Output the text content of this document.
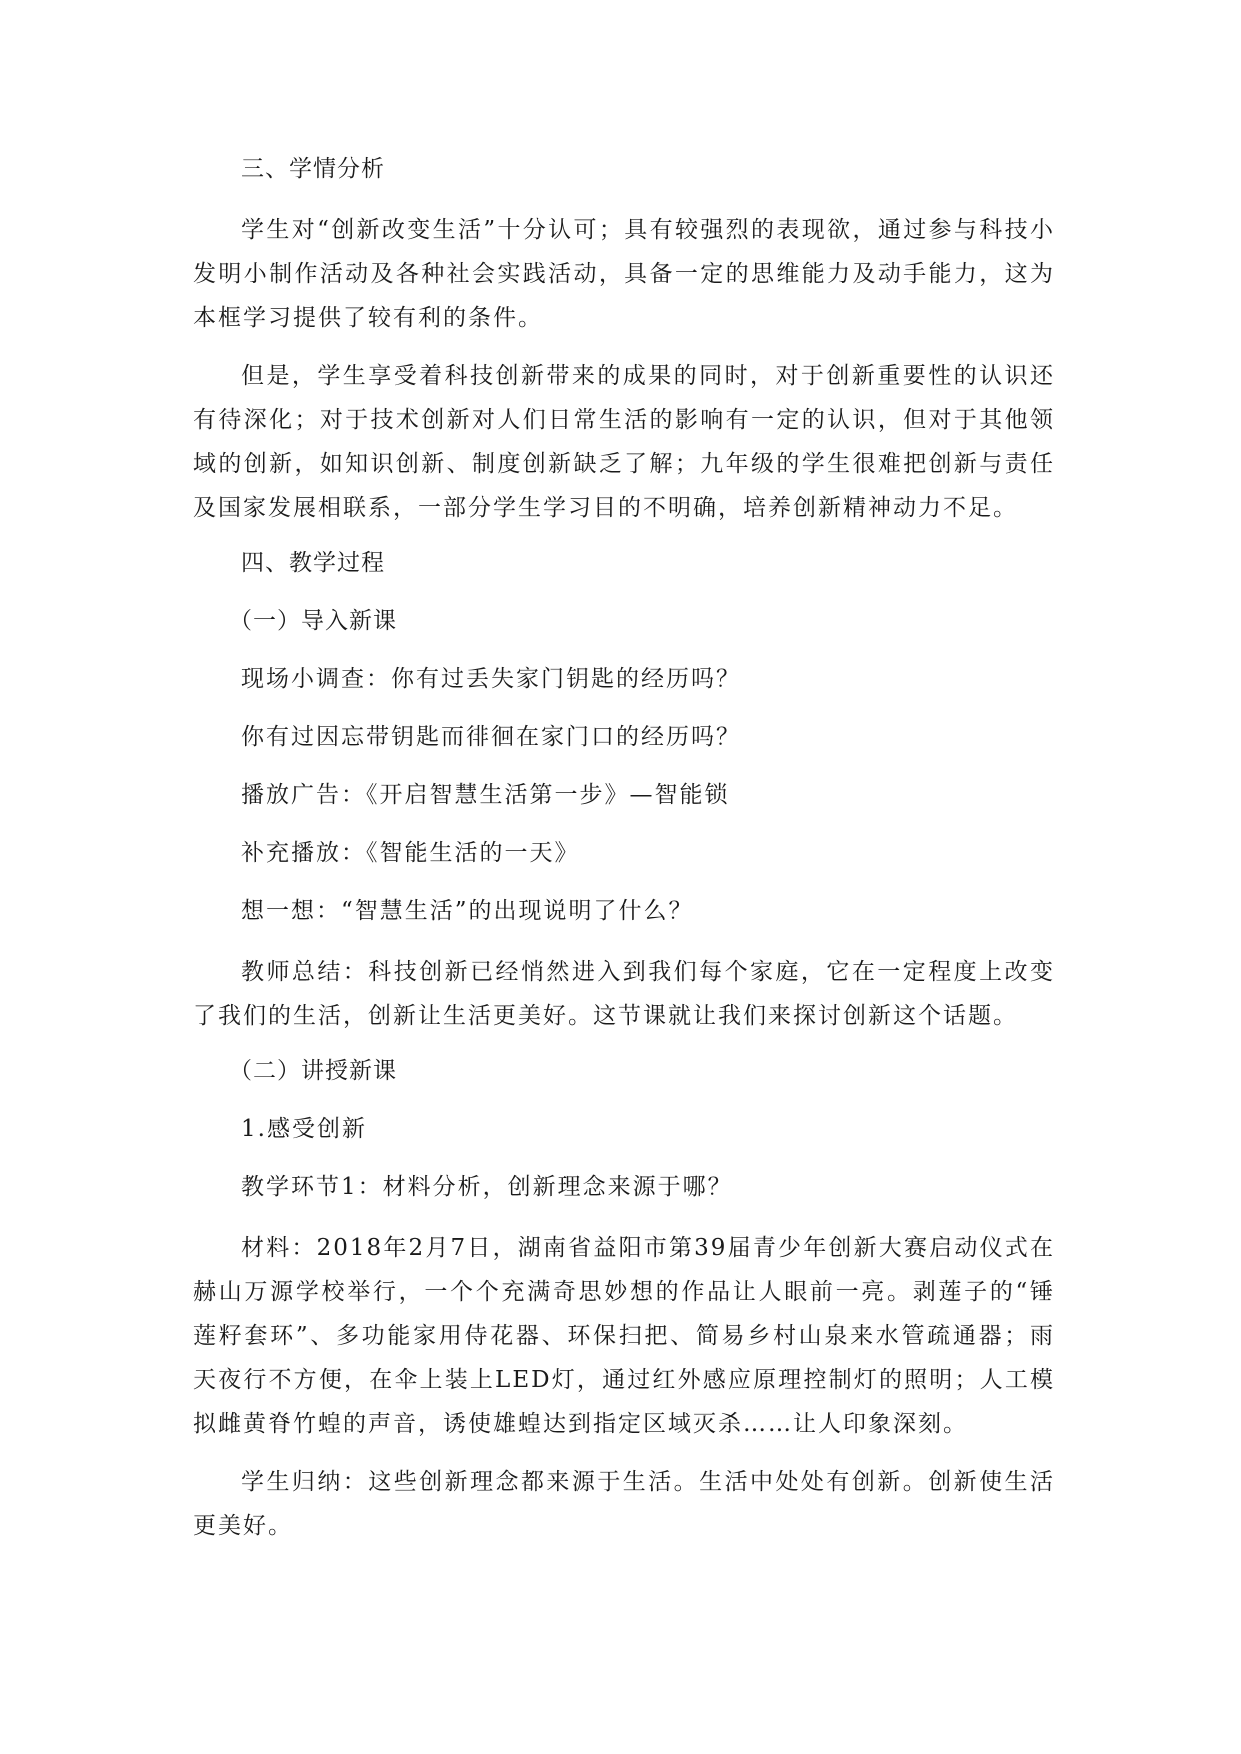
三、学情分析
学生对“创新改变生活”十分认可；具有较强烈的表现欲，通过参与科技小发明小制作活动及各种社会实践活动，具备一定的思维能力及动手能力，这为本框学习提供了较有利的条件。
但是，学生享受着科技创新带来的成果的同时，对于创新重要性的认识还有待深化；对于技术创新对人们日常生活的影响有一定的认识，但对于其他领域的创新，如知识创新、制度创新缺乏了解；九年级的学生很难把创新与责任及国家发展相联系，一部分学生学习目的不明确，培养创新精神动力不足。
四、教学过程
（一）导入新课
现场小调查：你有过丢失家门钥匙的经历吗？
你有过因忘带钥匙而徘徊在家门口的经历吗？
播放广告：《开启智慧生活第一步》—智能锁
补充播放：《智能生活的一天》
想一想：“智慧生活”的出现说明了什么？
教师总结：科技创新已经悄然进入到我们每个家庭，它在一定程度上改变了我们的生活，创新让生活更美好。这节课就让我们来探讨创新这个话题。
（二）讲授新课
1.感受创新
教学环节1：材料分析，创新理念来源于哪？
材料：2018年2月7日，湖南省益阳市第39届青少年创新大赛启动仪式在赫山万源学校举行，一个个充满奇思妙想的作品让人眼前一亮。剥莲子的“锤莲籽套环”、多功能家用侍花器、环保扫把、简易乡村山泉来水管疏通器；雨天夜行不方便，在伞上装上LED灯，通过红外感应原理控制灯的照明；人工模拟雌黄脊竹蝗的声音，诱使雄蝗达到指定区域灭杀……让人印象深刻。
学生归纳：这些创新理念都来源于生活。生活中处处有创新。创新使生活更美好。
